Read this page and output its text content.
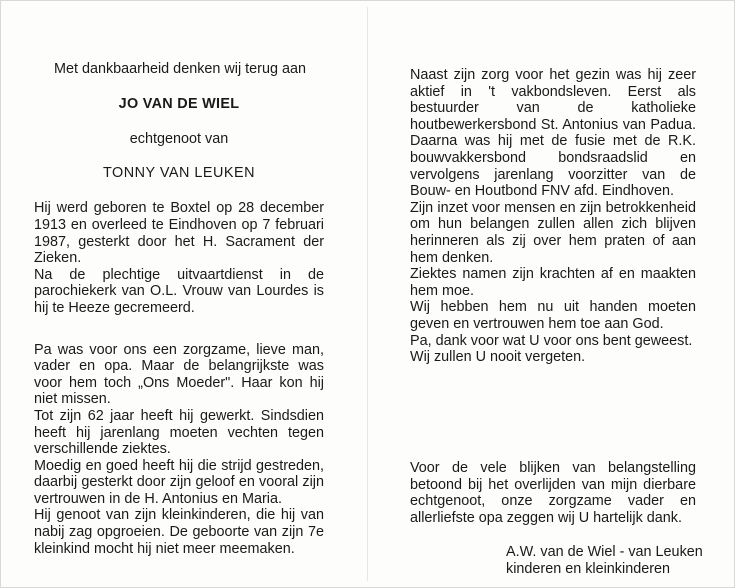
Met dankbaarheid denken wij terug aan

JO VAN DE WIEL

echtgenoot van

TONNY VAN LEUKEN

Hij werd geboren te Boxtel op 28 december 1913 en overleed te Eindhoven op 7 februari 1987, gesterkt door het H. Sacrament der Zieken.

Na de plechtige uitvaartdienst in de parochiekerk van O.L. Vrouw van Lourdes is hij te Heeze gecremeerd.

Pa was voor ons een zorgzame, lieve man, vader en opa. Maar de belangrijkste was voor hem toch „Ons Moeder". Haar kon hij niet missen.

Tot zijn 62 jaar heeft hij gewerkt. Sindsdien heeft hij jarenlang moeten vechten tegen verschillende ziektes.

Moedig en goed heeft hij die strijd gestreden, daarbij gesterkt door zijn geloof en vooral zijn vertrouwen in de H. Antonius en Maria.

Hij genoot van zijn kleinkinderen, die hij van nabij zag opgroeien. De geboorte van zijn 7e kleinkind mocht hij niet meer meemaken.

Naast zijn zorg voor het gezin was hij zeer aktief in 't vakbondsleven. Eerst als bestuurder van de katholieke houtbewerkersbond St. Antonius van Padua. Daarna was hij met de fusie met de R.K. bouwvakkersbond bondsraadslid en vervolgens jarenlang voorzitter van de Bouw- en Houtbond FNV afd. Eindhoven.

Zijn inzet voor mensen en zijn betrokkenheid om hun belangen zullen allen zich blijven herinneren als zij over hem praten of aan hem denken.

Ziektes namen zijn krachten af en maakten hem moe.

Wij hebben hem nu uit handen moeten geven en vertrouwen hem toe aan God.

Pa, dank voor wat U voor ons bent geweest.

Wij zullen U nooit vergeten.

Voor de vele blijken van belangstelling betoond bij het overlijden van mijn dierbare echtgenoot, onze zorgzame vader en allerliefste opa zeggen wij U hartelijk dank.

A.W. van de Wiel - van Leuken

kinderen en kleinkinderen
